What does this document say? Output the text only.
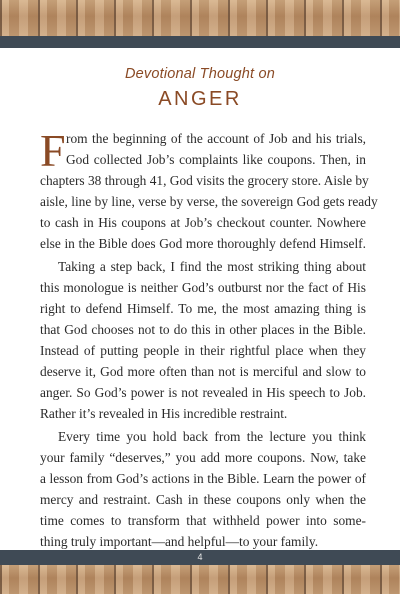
Devotional Thought on
ANGER
F rom the beginning of the account of Job and his trials,
God collected Job’s complaints like coupons. Then, in
chapters 38 through 41, God visits the grocery store. Aisle by
aisle, line by line, verse by verse, the sovereign God gets ready
to cash in His coupons at Job’s checkout counter. Nowhere
else in the Bible does God more thoroughly defend Himself.
Taking a step back, I find the most striking thing about
this monologue is neither God’s outburst nor the fact of His
right to defend Himself. To me, the most amazing thing is
that God chooses not to do this in other places in the Bible.
Instead of putting people in their rightful place when they
deserve it, God more often than not is merciful and slow to
anger. So God’s power is not revealed in His speech to Job.
Rather it’s revealed in His incredible restraint.
Every time you hold back from the lecture you think
your family “deserves,” you add more coupons. Now, take
a lesson from God’s actions in the Bible. Learn the power of
mercy and restraint. Cash in these coupons only when the
time comes to transform that withheld power into some-
thing truly important—and helpful—to your family.
4
